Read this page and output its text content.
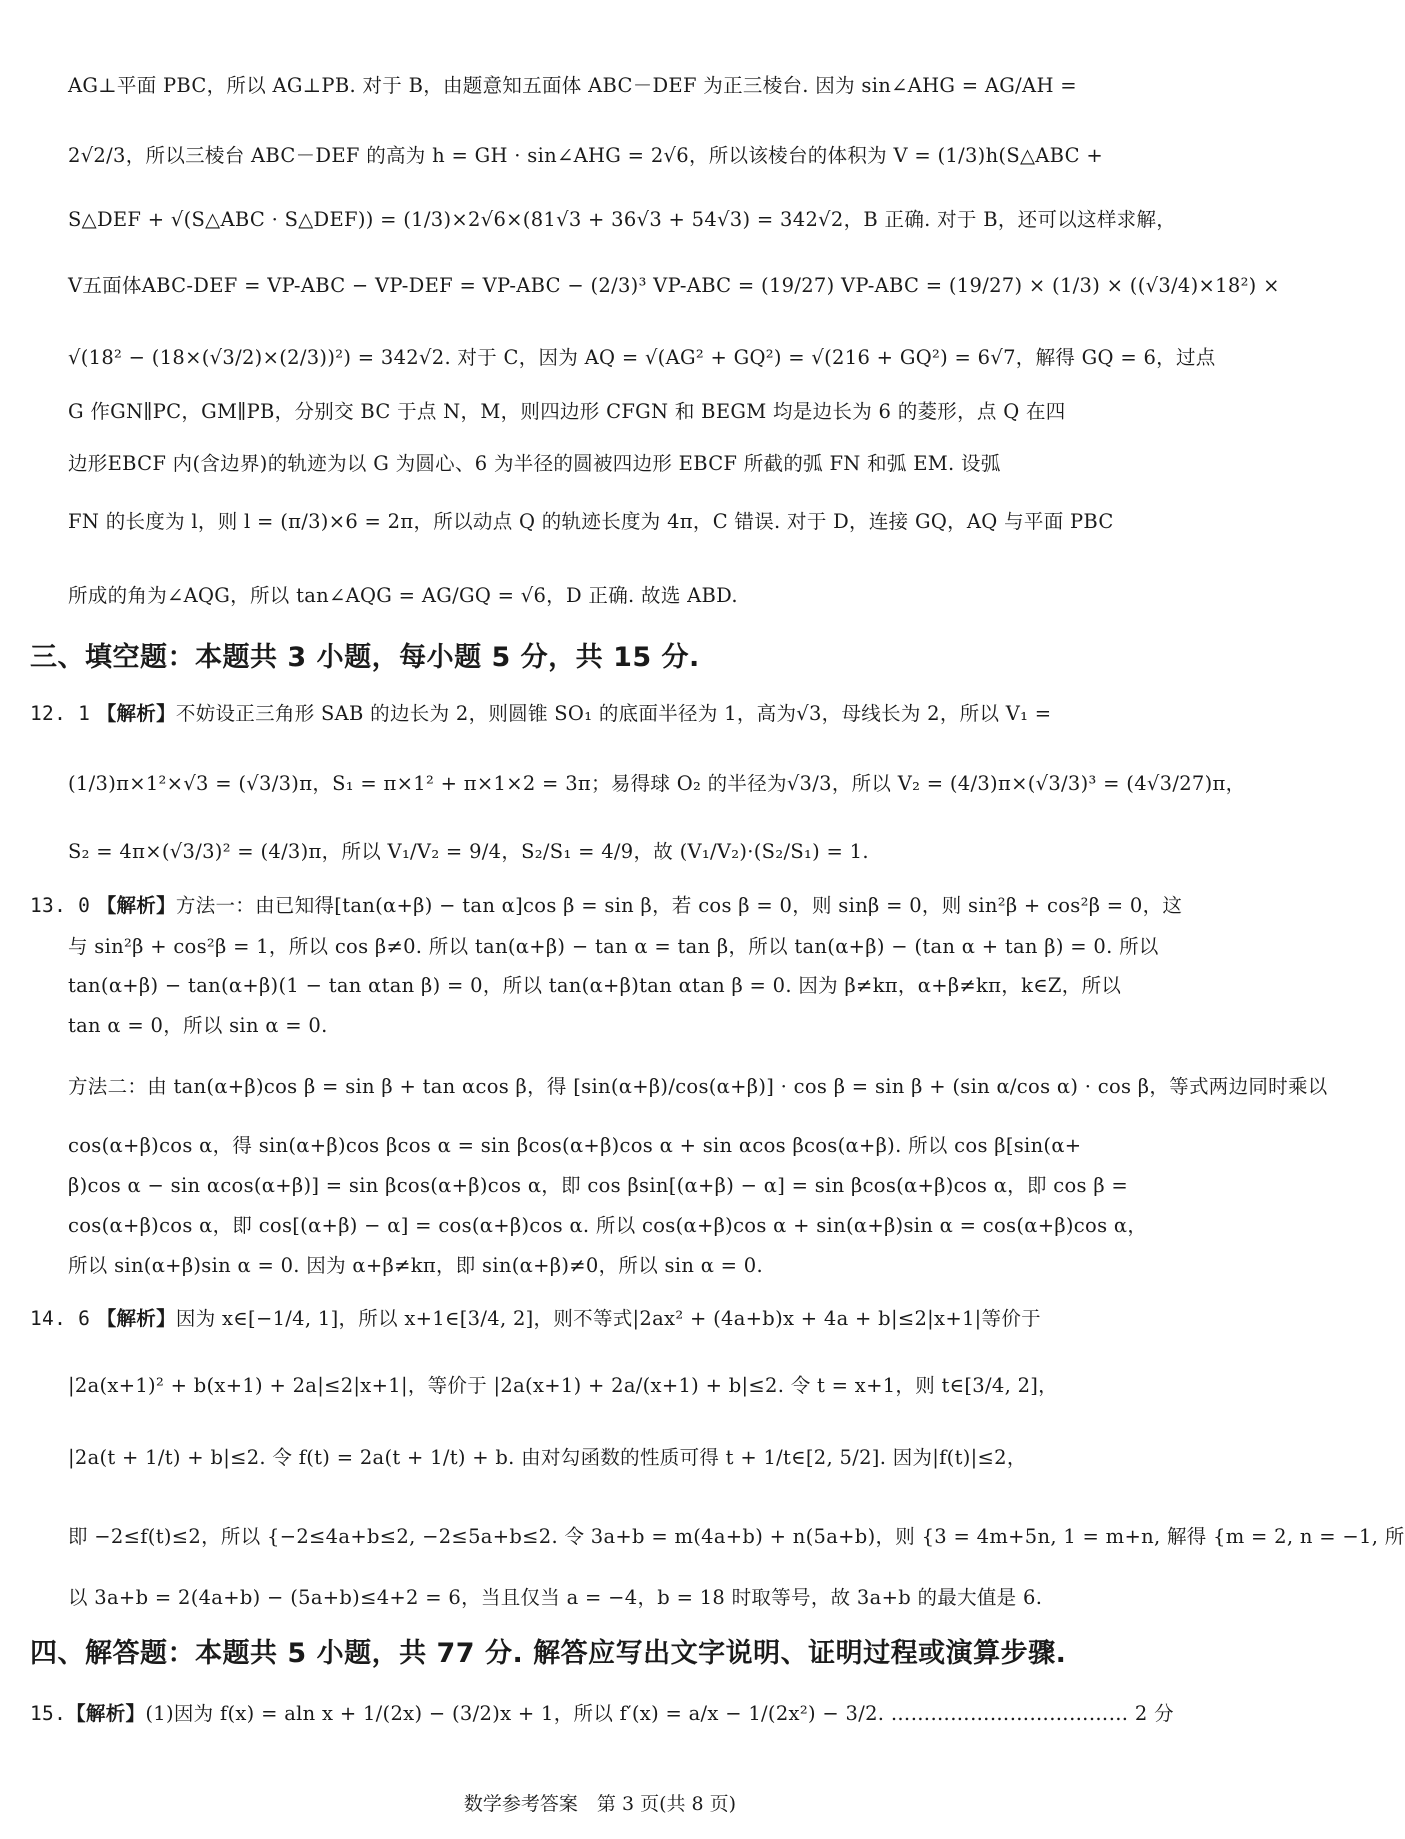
AG⊥平面 PBC，所以 AG⊥PB. 对于 B，由题意知五面体 ABC－DEF 为正三棱台. 因为 sin∠AHG = AG/AH =
2√2/3，所以三棱台 ABC－DEF 的高为 h = GH · sin∠AHG = 2√6，所以该棱台的体积为 V = (1/3)h(S△ABC +
S△DEF + √(S△ABC · S△DEF)) = (1/3)×2√6×(81√3 + 36√3 + 54√3) = 342√2，B 正确. 对于 B，还可以这样求解，
V五面体ABC-DEF = VP-ABC − VP-DEF = VP-ABC − (2/3)³ VP-ABC = (19/27) VP-ABC = (19/27) × (1/3) × ((√3/4)×18²) ×
√(18² − (18×(√3/2)×(2/3))²) = 342√2. 对于 C，因为 AQ = √(AG² + GQ²) = √(216 + GQ²) = 6√7，解得 GQ = 6，过点
G 作GN∥PC，GM∥PB，分别交 BC 于点 N，M，则四边形 CFGN 和 BEGM 均是边长为 6 的菱形，点 Q 在四
边形EBCF 内(含边界)的轨迹为以 G 为圆心、6 为半径的圆被四边形 EBCF 所截的弧 FN 和弧 EM. 设弧
FN 的长度为 l，则 l = (π/3)×6 = 2π，所以动点 Q 的轨迹长度为 4π，C 错误. 对于 D，连接 GQ，AQ 与平面 PBC
所成的角为∠AQG，所以 tan∠AQG = AG/GQ = √6，D 正确. 故选 ABD.
三、填空题：本题共 3 小题，每小题 5 分，共 15 分.
12. 1 【解析】不妨设正三角形 SAB 的边长为 2，则圆锥 SO₁ 的底面半径为 1，高为√3，母线长为 2，所以 V₁ =
(1/3)π×1²×√3 = (√3/3)π，S₁ = π×1² + π×1×2 = 3π；易得球 O₂ 的半径为√3/3，所以 V₂ = (4/3)π×(√3/3)³ = (4√3/27)π，
S₂ = 4π×(√3/3)² = (4/3)π，所以 V₁/V₂ = 9/4，S₂/S₁ = 4/9，故 (V₁/V₂)·(S₂/S₁) = 1.
13. 0 【解析】方法一：由已知得[tan(α+β) − tan α]cos β = sin β，若 cos β = 0，则 sinβ = 0，则 sin²β + cos²β = 0，这
与 sin²β + cos²β = 1，所以 cos β≠0. 所以 tan(α+β) − tan α = tan β，所以 tan(α+β) − (tan α + tan β) = 0. 所以
tan(α+β) − tan(α+β)(1 − tan αtan β) = 0，所以 tan(α+β)tan αtan β = 0. 因为 β≠kπ，α+β≠kπ，k∈Z，所以
tan α = 0，所以 sin α = 0.
方法二：由 tan(α+β)cos β = sin β + tan αcos β，得 [sin(α+β)/cos(α+β)] · cos β = sin β + (sin α/cos α) · cos β，等式两边同时乘以
cos(α+β)cos α，得 sin(α+β)cos βcos α = sin βcos(α+β)cos α + sin αcos βcos(α+β). 所以 cos β[sin(α+
β)cos α − sin αcos(α+β)] = sin βcos(α+β)cos α，即 cos βsin[(α+β) − α] = sin βcos(α+β)cos α，即 cos β =
cos(α+β)cos α，即 cos[(α+β) − α] = cos(α+β)cos α. 所以 cos(α+β)cos α + sin(α+β)sin α = cos(α+β)cos α，
所以 sin(α+β)sin α = 0. 因为 α+β≠kπ，即 sin(α+β)≠0，所以 sin α = 0.
14. 6 【解析】因为 x∈[−1/4, 1]，所以 x+1∈[3/4, 2]，则不等式|2ax² + (4a+b)x + 4a + b|≤2|x+1|等价于
|2a(x+1)² + b(x+1) + 2a|≤2|x+1|，等价于 |2a(x+1) + 2a/(x+1) + b|≤2. 令 t = x+1，则 t∈[3/4, 2]，
|2a(t + 1/t) + b|≤2. 令 f(t) = 2a(t + 1/t) + b. 由对勾函数的性质可得 t + 1/t∈[2, 5/2]. 因为|f(t)|≤2，
即 −2≤f(t)≤2，所以 {−2≤4a+b≤2, −2≤5a+b≤2. 令 3a+b = m(4a+b) + n(5a+b)，则 {3 = 4m+5n, 1 = m+n, 解得 {m = 2, n = −1, 所
以 3a+b = 2(4a+b) − (5a+b)≤4+2 = 6，当且仅当 a = −4，b = 18 时取等号，故 3a+b 的最大值是 6.
四、解答题：本题共 5 小题，共 77 分. 解答应写出文字说明、证明过程或演算步骤.
15.【解析】(1)因为 f(x) = aln x + 1/(2x) − (3/2)x + 1，所以 f′(x) = a/x − 1/(2x²) − 3/2. ……………………………… 2 分
数学参考答案　第 3 页(共 8 页)
